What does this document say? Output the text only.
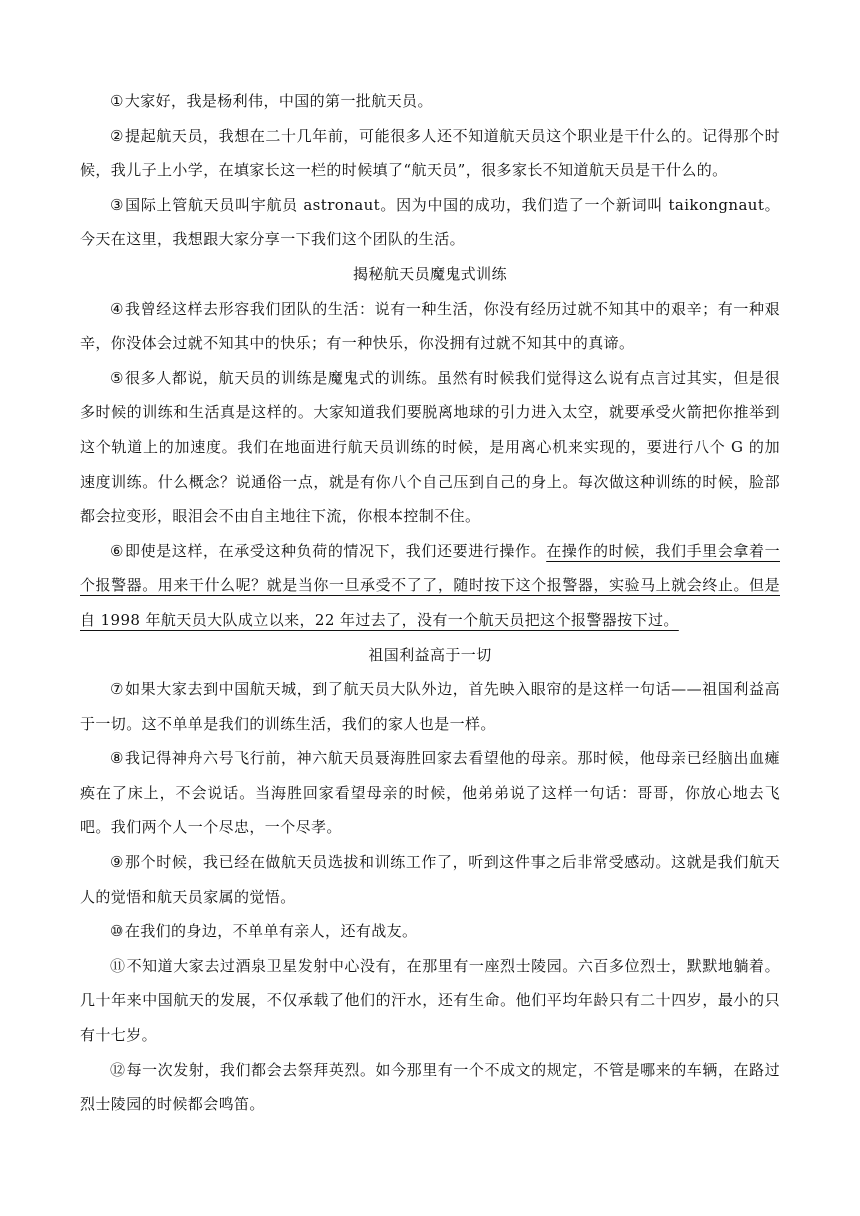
①大家好，我是杨利伟，中国的第一批航天员。

②提起航天员，我想在二十几年前，可能很多人还不知道航天员这个职业是干什么的。记得那个时候，我儿子上小学，在填家长这一栏的时候填了“航天员”，很多家长不知道航天员是干什么的。

③国际上管航天员叫宇航员 astronaut。因为中国的成功，我们造了一个新词叫 taikongnaut。今天在这里，我想跟大家分享一下我们这个团队的生活。

揭秘航天员魔鬼式训练

④我曾经这样去形容我们团队的生活：说有一种生活，你没有经历过就不知其中的艰辛；有一种艰辛，你没体会过就不知其中的快乐；有一种快乐，你没拥有过就不知其中的真谛。

⑤很多人都说，航天员的训练是魔鬼式的训练。虽然有时候我们觉得这么说有点言过其实，但是很多时候的训练和生活真是这样的。大家知道我们要脱离地球的引力进入太空，就要承受火箭把你推举到这个轨道上的加速度。我们在地面进行航天员训练的时候，是用离心机来实现的，要进行八个 G 的加速度训练。什么概念？说通俗一点，就是有你八个自己压到自己的身上。每次做这种训练的时候，脸部都会拉变形，眼泪会不由自主地往下流，你根本控制不住。

⑥即使是这样，在承受这种负荷的情况下，我们还要进行操作。在操作的时候，我们手里会拿着一个报警器。用来干什么呢？就是当你一旦承受不了了，随时按下这个报警器，实验马上就会终止。但是自 1998 年航天员大队成立以来，22 年过去了，没有一个航天员把这个报警器按下过。

祖国利益高于一切

⑦如果大家去到中国航天城，到了航天员大队外边，首先映入眼帘的是这样一句话——祖国利益高于一切。这不单单是我们的训练生活，我们的家人也是一样。

⑧我记得神舟六号飞行前，神六航天员聂海胜回家去看望他的母亲。那时候，他母亲已经脑出血瘫痪在了床上，不会说话。当海胜回家看望母亲的时候，他弟弟说了这样一句话：哥哥，你放心地去飞吧。我们两个人一个尽忠，一个尽孝。

⑨那个时候，我已经在做航天员选拔和训练工作了，听到这件事之后非常受感动。这就是我们航天人的觉悟和航天员家属的觉悟。

⑩在我们的身边，不单单有亲人，还有战友。

⑪不知道大家去过酒泉卫星发射中心没有，在那里有一座烈士陵园。六百多位烈士，默默地躺着。几十年来中国航天的发展，不仅承载了他们的汗水，还有生命。他们平均年龄只有二十四岁，最小的只有十七岁。

⑫每一次发射，我们都会去祭拜英烈。如今那里有一个不成文的规定，不管是哪来的车辆，在路过烈士陵园的时候都会鸣笛。
